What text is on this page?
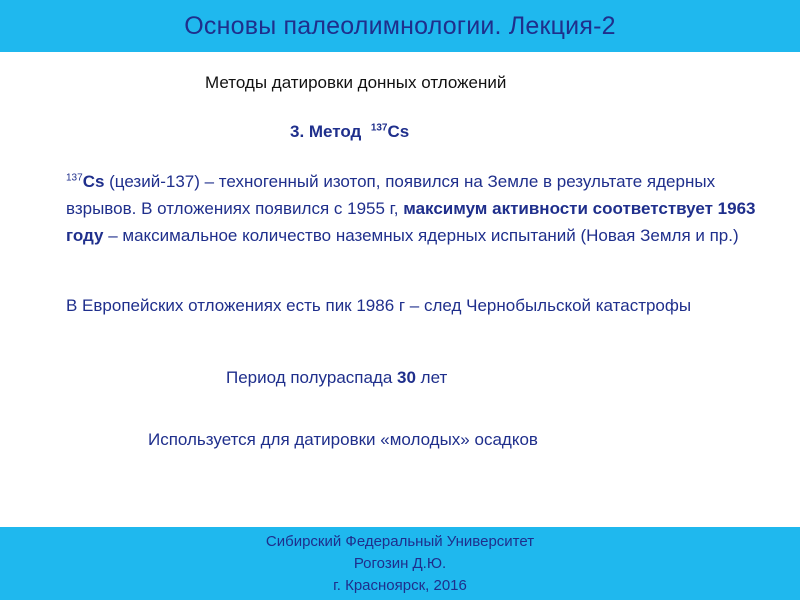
Основы палеолимнологии. Лекция-2
Методы датировки донных отложений
3. Метод $^{137}$Cs
$^{137}$Cs (цезий-137) – техногенный изотоп, появился на Земле в результате ядерных взрывов. В отложениях появился с 1955 г, максимум активности соответствует 1963 году – максимальное количество наземных ядерных испытаний (Новая Земля и пр.)
В Европейских отложениях есть пик 1986 г – след Чернобыльской катастрофы
Период полураспада 30 лет
Используется для датировки «молодых» осадков
Сибирский Федеральный Университет
Рогозин Д.Ю.
г. Красноярск, 2016
